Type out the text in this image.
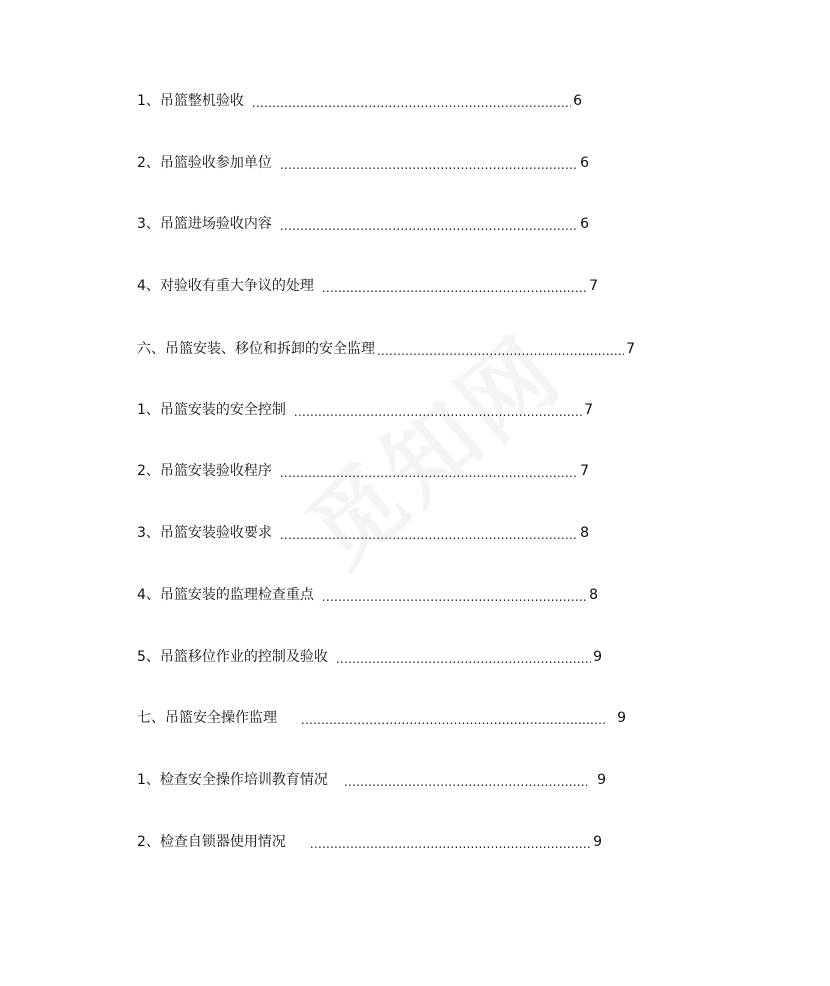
1、吊篮整机验收 .....	6
2、吊篮验收参加单位 .....	6
3、吊篮进场验收内容 .....	6
4、对验收有重大争议的处理 .....	7
六、吊篮安装、移位和拆卸的安全监理 .....	7
1、吊篮安装的安全控制 .....	7
2、吊篮安装验收程序 .....	7
3、吊篮安装验收要求 .....	8
4、吊篮安装的监理检查重点 .....	8
5、吊篮移位作业的控制及验收 .....	9
七、吊篮安全操作监理 .....	9
1、检查安全操作培训教育情况 .....	9
2、检查自锁器使用情况 .....	9
